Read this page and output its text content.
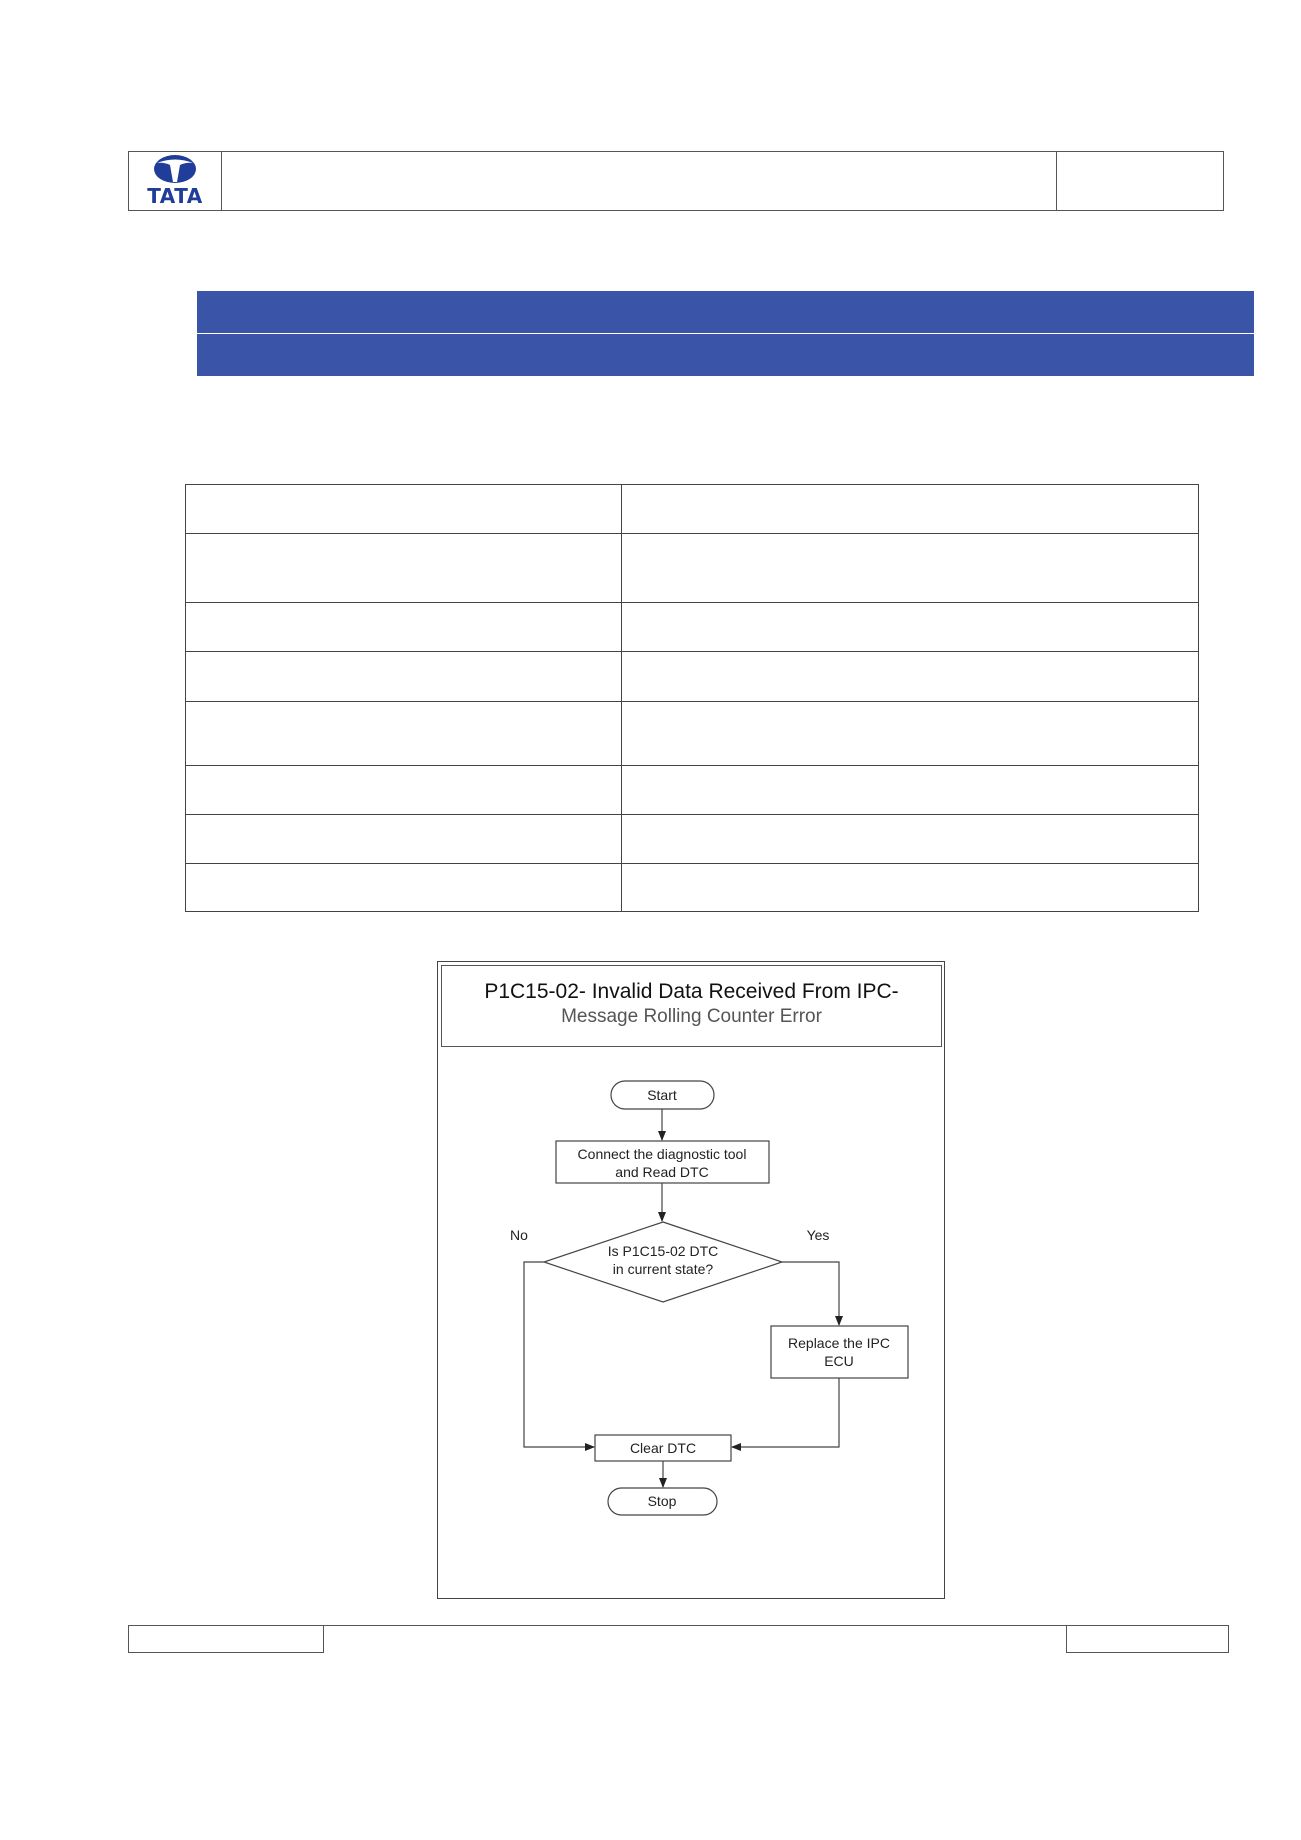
TATA

P1C15-02- Invalid Data Received From IPC-
Message Rolling Counter Error
Start
Connect the diagnostic tool
and Read DTC
Is P1C15-02 DTC
in current state?
No	Yes
Replace the IPC
ECU
Clear DTC
Stop
